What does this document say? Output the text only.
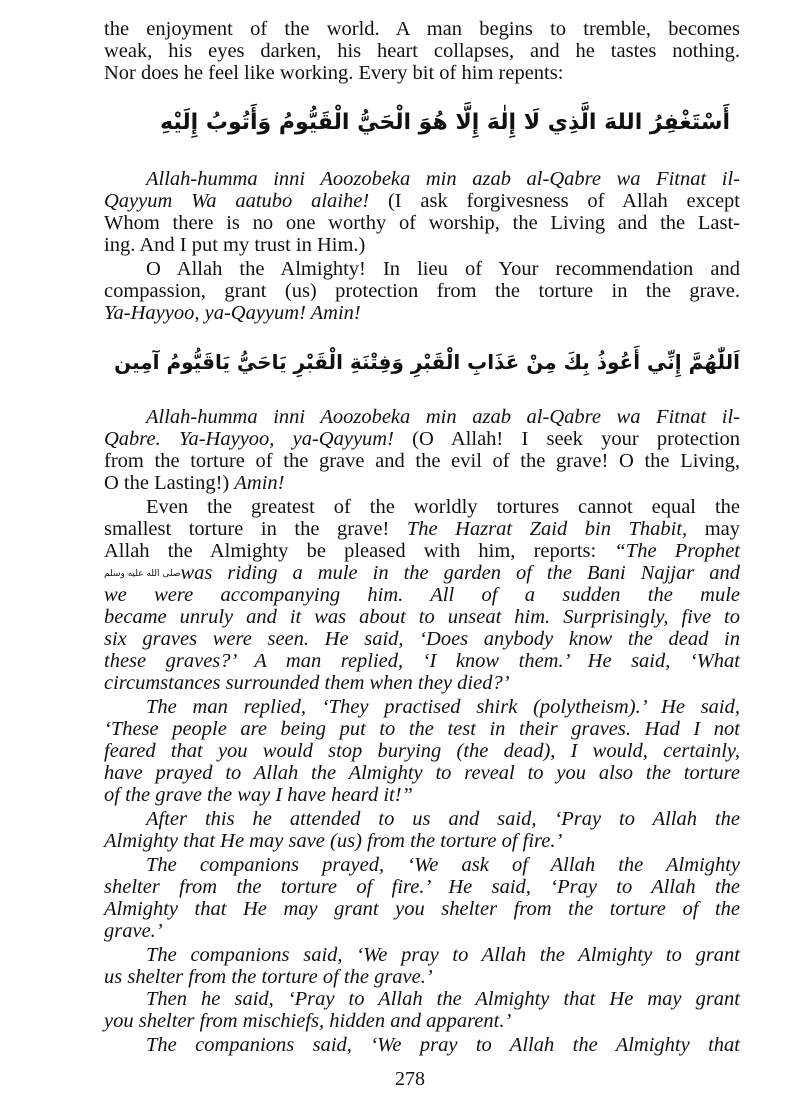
the enjoyment of the world. A man begins to tremble, becomes
weak, his eyes darken, his heart collapses, and he tastes nothing.
Nor does he feel like working. Every bit of him repents:
أَسْتَغْفِرُ اللهَ الَّذِي لَا إِلٰهَ إِلَّا هُوَ الْحَيُّ الْقَيُّومُ وَأَتُوبُ إِلَيْهِ
Allah-humma inni Aoozobeka min azab al-Qabre wa Fitnat il-
Qayyum Wa aatubo alaihe! (I ask forgivesness of Allah except
Whom there is no one worthy of worship, the Living and the Last-
ing. And I put my trust in Him.)
O Allah the Almighty! In lieu of Your recommendation and
compassion, grant (us) protection from the torture in the grave.
Ya-Hayyoo, ya-Qayyum! Amin!
اَللّٰهُمَّ إِنِّي أَعُوذُ بِكَ مِنْ عَذَابِ الْقَبْرِ وَفِتْنَةِ الْقَبْرِ يَاحَيُّ يَاقَيُّومُ آمِين
Allah-humma inni Aoozobeka min azab al-Qabre wa Fitnat il-
Qabre. Ya-Hayyoo, ya-Qayyum! (O Allah! I seek your protection
from the torture of the grave and the evil of the grave! O the Living,
O the Lasting!) Amin!
Even the greatest of the worldly tortures cannot equal the
smallest torture in the grave! The Hazrat Zaid bin Thabit, may
Allah the Almighty be pleased with him, reports: “The Prophet
صلى الله عليه وسلمwas riding a mule in the garden of the Bani Najjar and
we were accompanying him. All of a sudden the mule
became unruly and it was about to unseat him. Surprisingly, five to
six graves were seen. He said, ‘Does anybody know the dead in
these graves?’ A man replied, ‘I know them.’ He said, ‘What
circumstances surrounded them when they died?’
The man replied, ‘They practised shirk (polytheism).’ He said,
‘These people are being put to the test in their graves. Had I not
feared that you would stop burying (the dead), I would, certainly,
have prayed to Allah the Almighty to reveal to you also the torture
of the grave the way I have heard it!”
After this he attended to us and said, ‘Pray to Allah the
Almighty that He may save (us) from the torture of fire.’
The companions prayed, ‘We ask of Allah the Almighty
shelter from the torture of fire.’ He said, ‘Pray to Allah the
Almighty that He may grant you shelter from the torture of the
grave.’
The companions said, ‘We pray to Allah the Almighty to grant
us shelter from the torture of the grave.’
Then he said, ‘Pray to Allah the Almighty that He may grant
you shelter from mischiefs, hidden and apparent.’
The companions said, ‘We pray to Allah the Almighty that
278
